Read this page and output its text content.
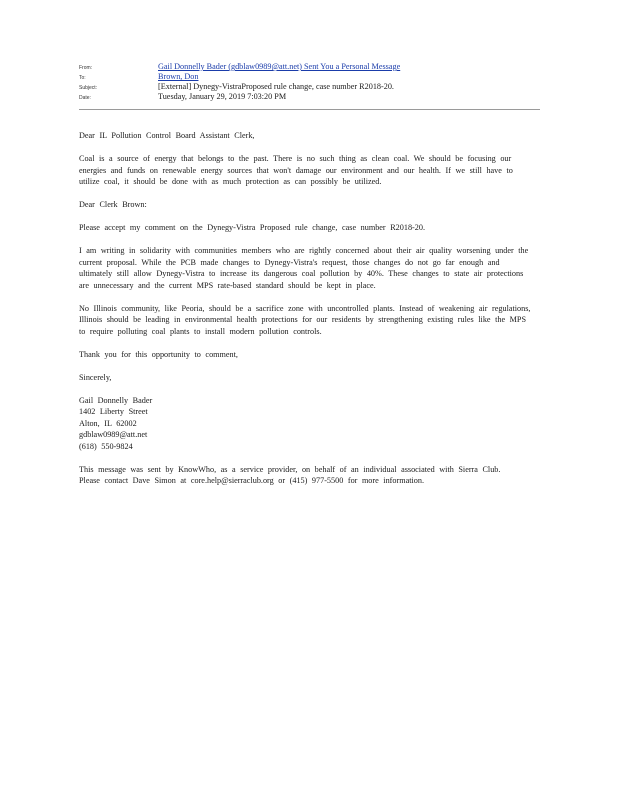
From:	Gail Donnelly Bader (gdblaw0989@att.net) Sent You a Personal Message
To:	Brown, Don
Subject:	[External] Dynegy-VistraProposed rule change, case number R2018-20.
Date:	Tuesday, January 29, 2019 7:03:20 PM

Dear IL Pollution Control Board Assistant Clerk,

Coal is a source of energy that belongs to the past. There is no such thing as clean coal. We should be focusing our energies and funds on renewable energy sources that won't damage our environment and our health. If we still have to utilize coal, it should be done with as much protection as can possibly be utilized.

Dear Clerk Brown:

Please accept my comment on the Dynegy-Vistra Proposed rule change, case number R2018-20.

I am writing in solidarity with communities members who are rightly concerned about their air quality worsening under the current proposal. While the PCB made changes to Dynegy-Vistra's request, those changes do not go far enough and ultimately still allow Dynegy-Vistra to increase its dangerous coal pollution by 40%. These changes to state air protections are unnecessary and the current MPS rate-based standard should be kept in place.

No Illinois community, like Peoria, should be a sacrifice zone with uncontrolled plants. Instead of weakening air regulations, Illinois should be leading in environmental health protections for our residents by strengthening existing rules like the MPS to require polluting coal plants to install modern pollution controls.

Thank you for this opportunity to comment,

Sincerely,

Gail Donnelly Bader

1402 Liberty Street

Alton, IL 62002

gdblaw0989@att.net

(618) 550-9824

This message was sent by KnowWho, as a service provider, on behalf of an individual associated with Sierra Club.

Please contact Dave Simon at core.help@sierraclub.org or (415) 977-5500 for more information.
